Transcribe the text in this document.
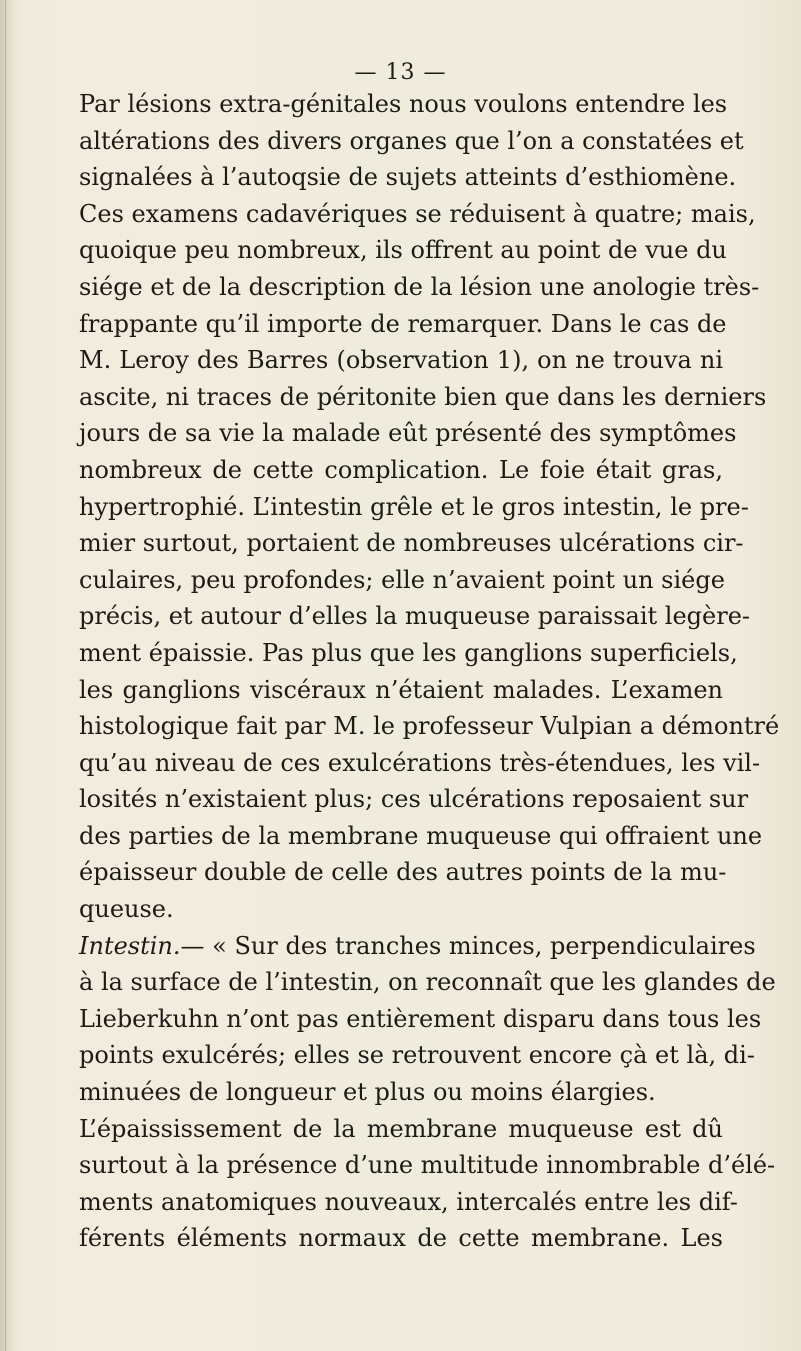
— 13 —
Par lésions extra-génitales nous voulons entendre les
altérations des divers organes que l’on a constatées et
signalées à l’autoqsie de sujets atteints d’esthiomène.
Ces examens cadavériques se réduisent à quatre; mais,
quoique peu nombreux, ils offrent au point de vue du
siége et de la description de la lésion une anologie très-
frappante qu’il importe de remarquer. Dans le cas de
M. Leroy des Barres (observation 1), on ne trouva ni
ascite, ni traces de péritonite bien que dans les derniers
jours de sa vie la malade eût présenté des symptômes
nombreux de cette complication. Le foie était gras,
hypertrophié. L’intestin grêle et le gros intestin, le pre-
mier surtout, portaient de nombreuses ulcérations cir-
culaires, peu profondes; elle n’avaient point un siége
précis, et autour d’elles la muqueuse paraissait legère-
ment épaissie. Pas plus que les ganglions superficiels,
les ganglions viscéraux n’étaient malades. L’examen
histologique fait par M. le professeur Vulpian a démontré
qu’au niveau de ces exulcérations très-étendues, les vil-
losités n’existaient plus; ces ulcérations reposaient sur
des parties de la membrane muqueuse qui offraient une
épaisseur double de celle des autres points de la mu-
queuse.
Intestin.— « Sur des tranches minces, perpendiculaires
à la surface de l’intestin, on reconnaît que les glandes de
Lieberkuhn n’ont pas entièrement disparu dans tous les
points exulcérés; elles se retrouvent encore çà et là, di-
minuées de longueur et plus ou moins élargies.
L’épaississement de la membrane muqueuse est dû
surtout à la présence d’une multitude innombrable d’élé-
ments anatomiques nouveaux, intercalés entre les dif-
férents éléments normaux de cette membrane. Les
